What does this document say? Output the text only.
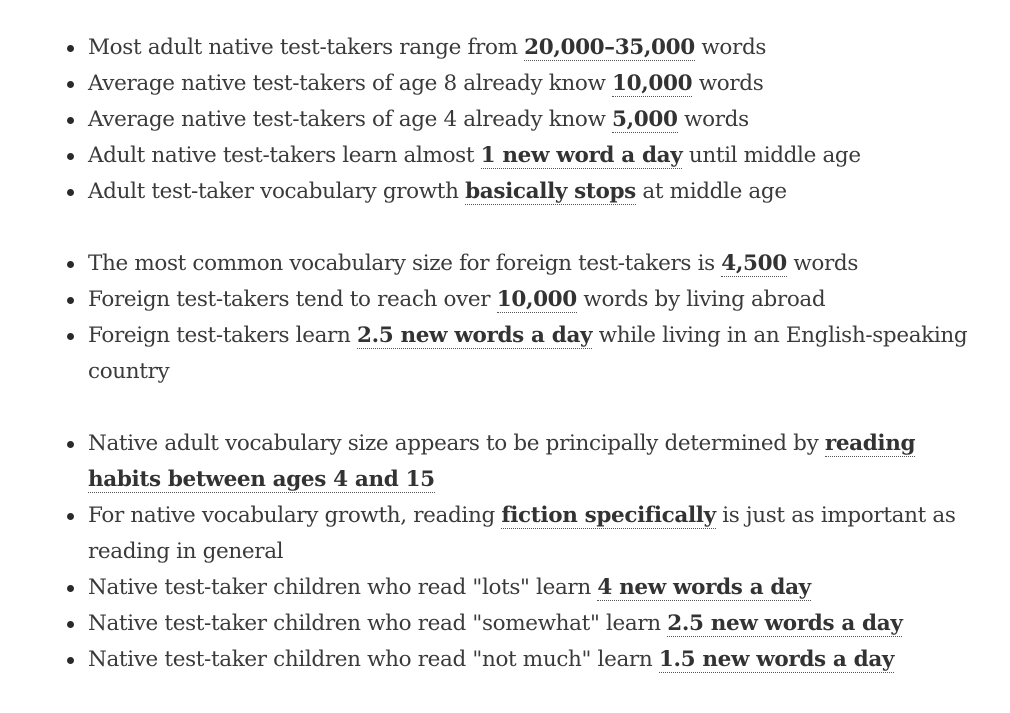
Most adult native test-takers range from 20,000–35,000 words
Average native test-takers of age 8 already know 10,000 words
Average native test-takers of age 4 already know 5,000 words
Adult native test-takers learn almost 1 new word a day until middle age
Adult test-taker vocabulary growth basically stops at middle age
The most common vocabulary size for foreign test-takers is 4,500 words
Foreign test-takers tend to reach over 10,000 words by living abroad
Foreign test-takers learn 2.5 new words a day while living in an English-speaking country
Native adult vocabulary size appears to be principally determined by reading habits between ages 4 and 15
For native vocabulary growth, reading fiction specifically is just as important as reading in general
Native test-taker children who read "lots" learn 4 new words a day
Native test-taker children who read "somewhat" learn 2.5 new words a day
Native test-taker children who read "not much" learn 1.5 new words a day
